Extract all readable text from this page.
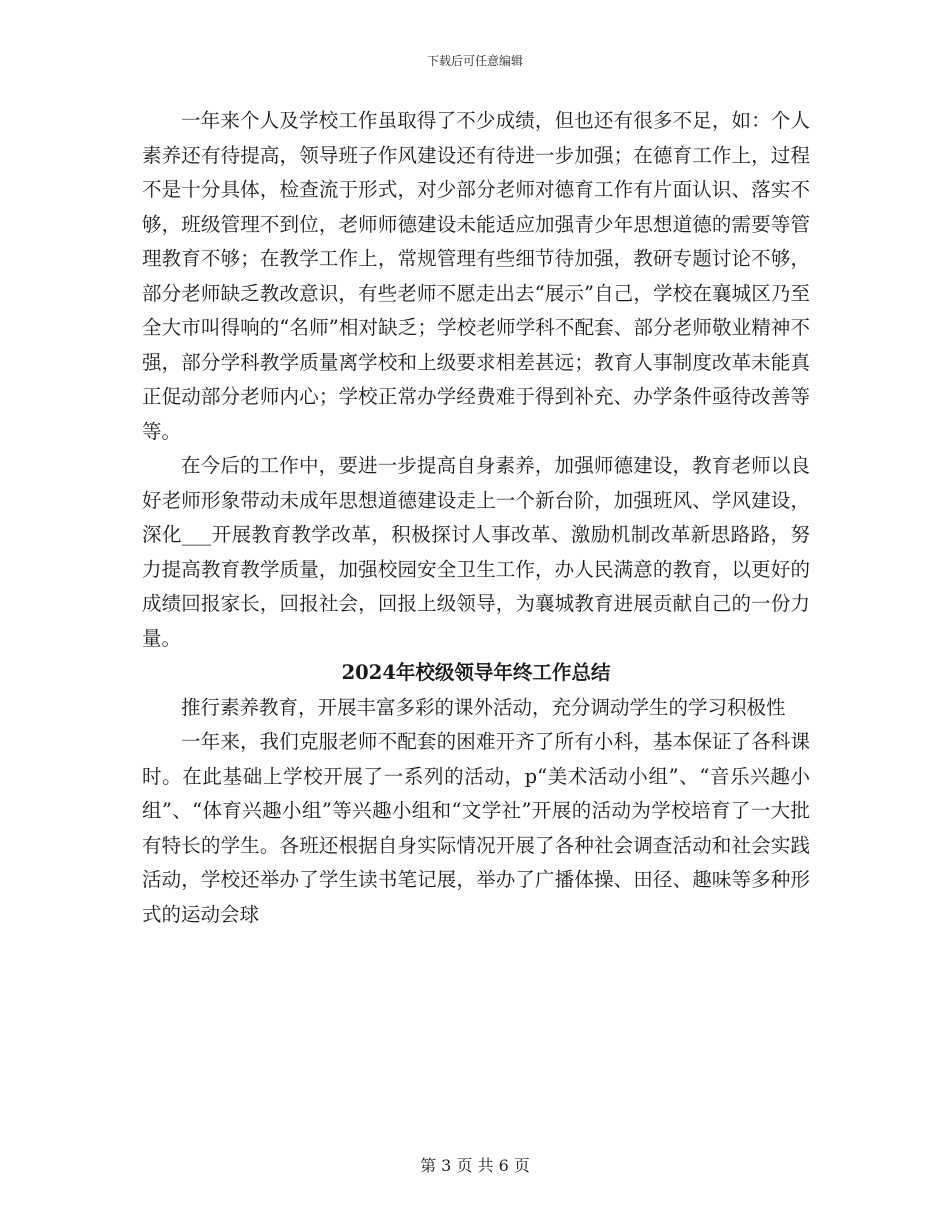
下载后可任意编辑

一年来个人及学校工作虽取得了不少成绩，但也还有很多不足，如：个人素养还有待提高，领导班子作风建设还有待进一步加强；在德育工作上，过程不是十分具体，检查流于形式，对少部分老师对德育工作有片面认识、落实不够，班级管理不到位，老师师德建设未能适应加强青少年思想道德的需要等管理教育不够；在教学工作上，常规管理有些细节待加强，教研专题讨论不够，部分老师缺乏教改意识，有些老师不愿走出去“展示”自己，学校在襄城区乃至全大市叫得响的“名师”相对缺乏；学校老师学科不配套、部分老师敬业精神不强，部分学科教学质量离学校和上级要求相差甚远；教育人事制度改革未能真正促动部分老师内心；学校正常办学经费难于得到补充、办学条件亟待改善等等。

在今后的工作中，要进一步提高自身素养，加强师德建设，教育老师以良好老师形象带动未成年思想道德建设走上一个新台阶，加强班风、学风建设，深化___开展教育教学改革，积极探讨人事改革、激励机制改革新思路路，努力提高教育教学质量，加强校园安全卫生工作，办人民满意的教育，以更好的成绩回报家长，回报社会，回报上级领导，为襄城教育进展贡献自己的一份力量。

2024年校级领导年终工作总结

推行素养教育，开展丰富多彩的课外活动，充分调动学生的学习积极性

一年来，我们克服老师不配套的困难开齐了所有小科，基本保证了各科课时。在此基础上学校开展了一系列的活动，p“美术活动小组”、“音乐兴趣小组”、“体育兴趣小组”等兴趣小组和“文学社”开展的活动为学校培育了一大批有特长的学生。各班还根据自身实际情况开展了各种社会调查活动和社会实践活动，学校还举办了学生读书笔记展，举办了广播体操、田径、趣味等多种形式的运动会球

第 3 页 共 6 页
